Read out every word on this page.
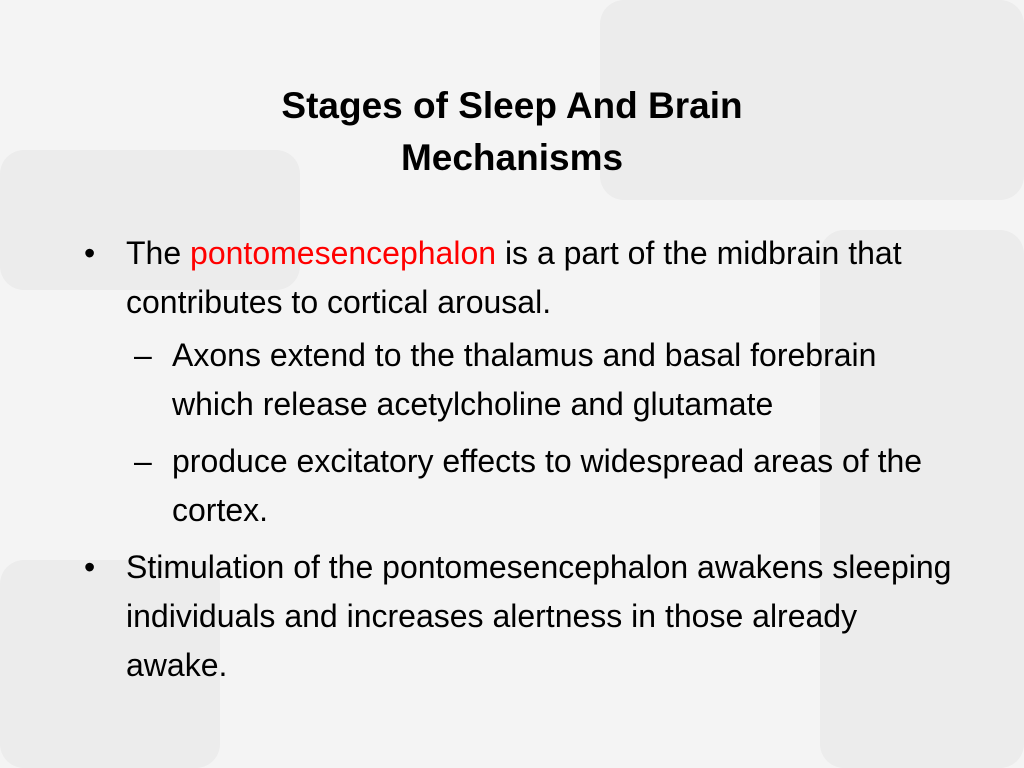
Stages of Sleep And Brain
Mechanisms
• The pontomesencephalon is a part of the midbrain that contributes to cortical arousal.
– Axons extend to the thalamus and basal forebrain which release acetylcholine and glutamate
– produce excitatory effects to widespread areas of the cortex.
• Stimulation of the pontomesencephalon awakens sleeping individuals and increases alertness in those already awake.
